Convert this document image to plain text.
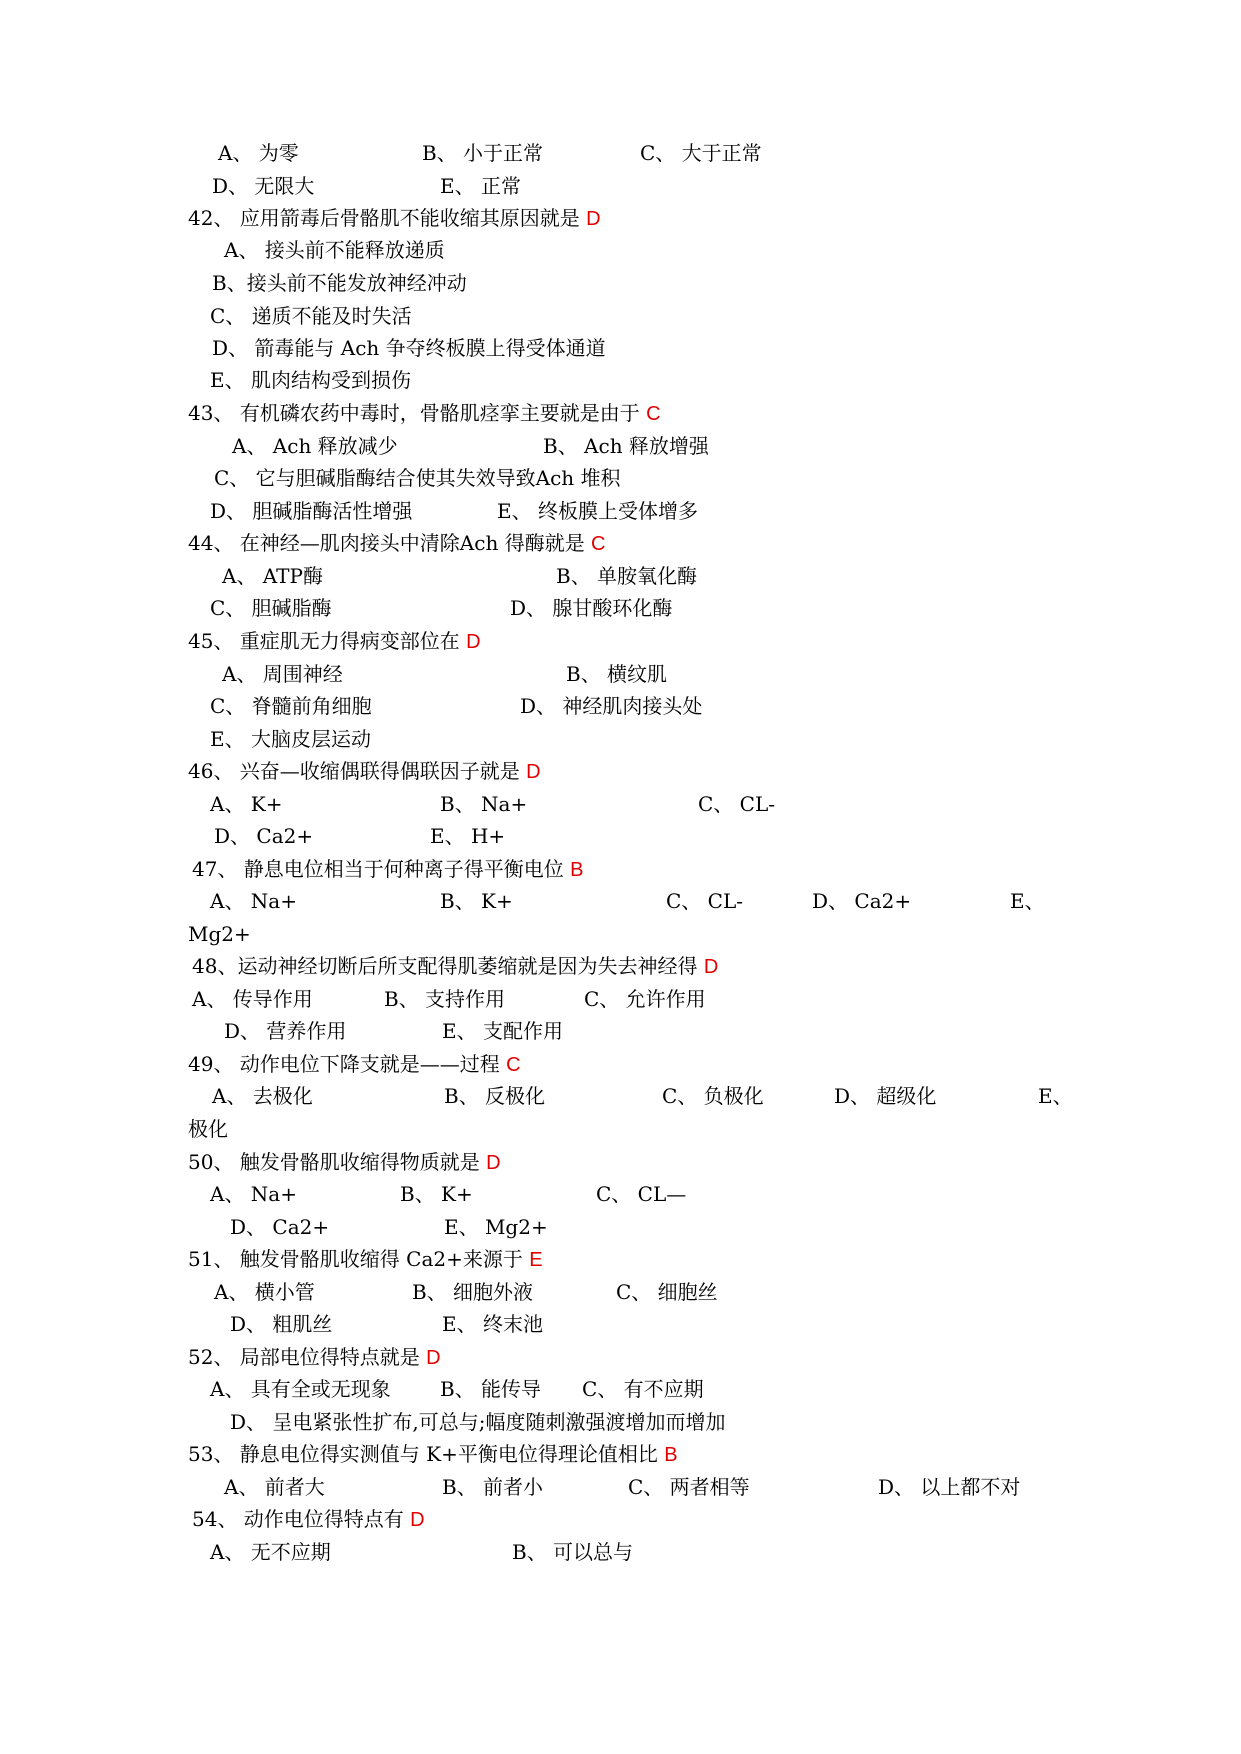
A、 为零	B、 小于正常	C、 大于正常
D、 无限大	E、 正常
42、 应用箭毒后骨骼肌不能收缩其原因就是 D
A、 接头前不能释放递质
B、接头前不能发放神经冲动
C、 递质不能及时失活
D、 箭毒能与 Ach 争夺终板膜上得受体通道
E、 肌肉结构受到损伤
43、 有机磷农药中毒时，骨骼肌痉挛主要就是由于 C
A、 Ach 释放减少	B、 Ach 释放增强
C、 它与胆碱脂酶结合使其失效导致Ach 堆积
D、 胆碱脂酶活性增强	E、 终板膜上受体增多
44、 在神经—肌肉接头中清除Ach 得酶就是 C
A、 ATP酶	B、 单胺氧化酶
C、 胆碱脂酶	D、 腺甘酸环化酶
45、 重症肌无力得病变部位在 D
A、 周围神经	B、 横纹肌
C、 脊髓前角细胞	D、 神经肌肉接头处
E、 大脑皮层运动
46、 兴奋—收缩偶联得偶联因子就是 D
A、 K+	B、 Na+	C、 CL-
D、 Ca2+	E、 H+
47、 静息电位相当于何种离子得平衡电位 B
A、 Na+	B、 K+	C、 CL-	D、 Ca2+	E、
Mg2+
48、运动神经切断后所支配得肌萎缩就是因为失去神经得 D
A、 传导作用	B、 支持作用	C、 允许作用
D、 营养作用	E、 支配作用
49、 动作电位下降支就是——过程 C
A、 去极化	B、 反极化	C、 负极化	D、 超级化	E、
极化
50、 触发骨骼肌收缩得物质就是 D
A、 Na+	B、 K+	C、 CL—
D、 Ca2+	E、 Mg2+
51、 触发骨骼肌收缩得 Ca2+来源于 E
A、 横小管	B、 细胞外液	C、 细胞丝
D、 粗肌丝	E、 终末池
52、 局部电位得特点就是 D
A、 具有全或无现象 B、 能传导 C、 有不应期
D、 呈电紧张性扩布,可总与;幅度随刺激强渡增加而增加
53、 静息电位得实测值与 K+平衡电位得理论值相比 B
A、 前者大	B、 前者小	C、 两者相等	D、 以上都不对
54、 动作电位得特点有 D
A、 无不应期	B、 可以总与
